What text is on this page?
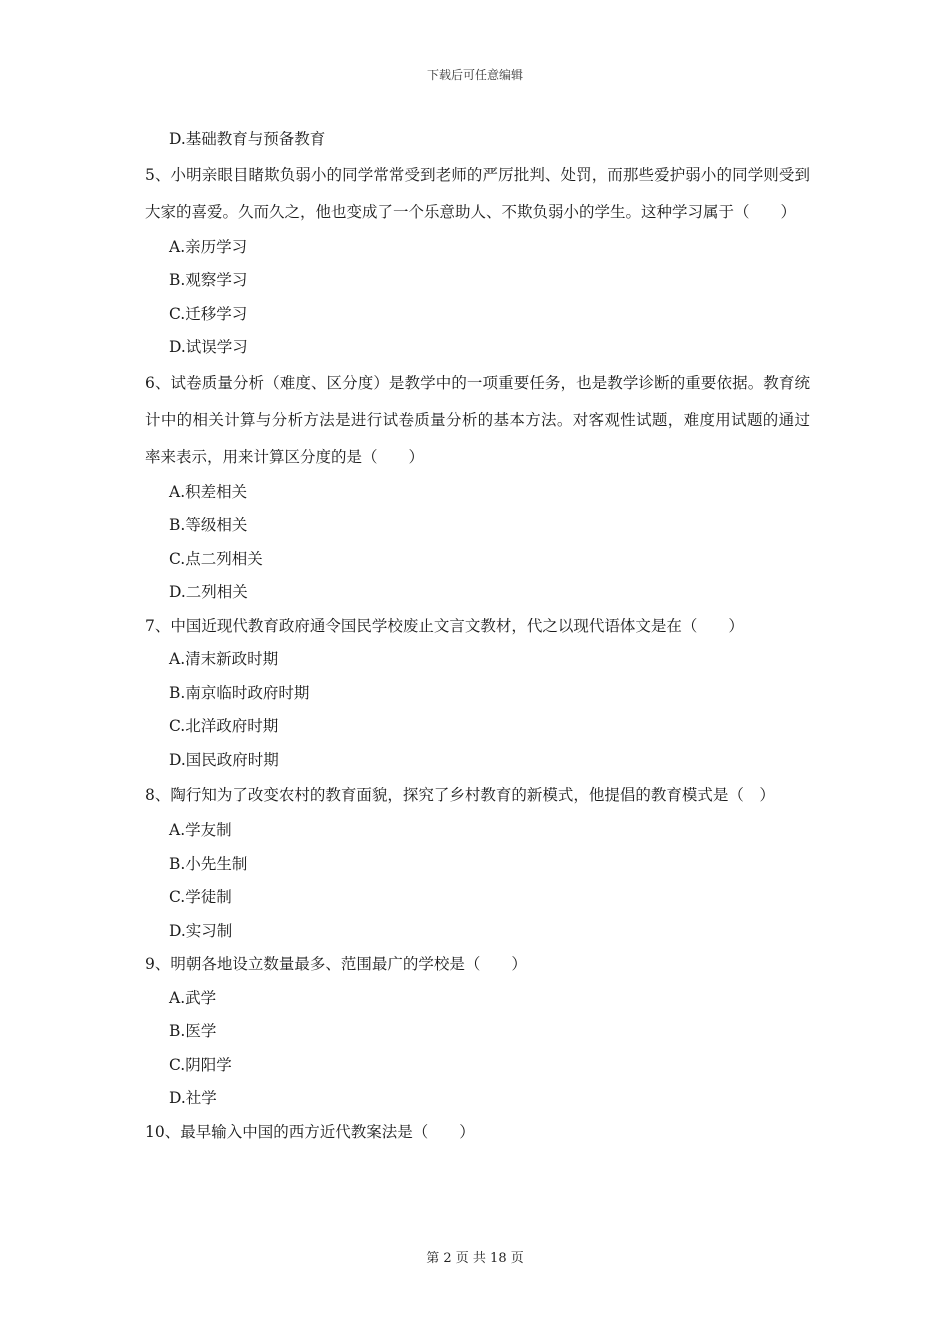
下载后可任意编辑
D.基础教育与预备教育
5、小明亲眼目睹欺负弱小的同学常常受到老师的严厉批判、处罚，而那些爱护弱小的同学则受到大家的喜爱。久而久之，他也变成了一个乐意助人、不欺负弱小的学生。这种学习属于（　　）
A.亲历学习
B.观察学习
C.迁移学习
D.试误学习
6、试卷质量分析（难度、区分度）是教学中的一项重要任务，也是教学诊断的重要依据。教育统计中的相关计算与分析方法是进行试卷质量分析的基本方法。对客观性试题，难度用试题的通过率来表示，用来计算区分度的是（　　）
A.积差相关
B.等级相关
C.点二列相关
D.二列相关
7、中国近现代教育政府通令国民学校废止文言文教材，代之以现代语体文是在（　　）
A.清末新政时期
B.南京临时政府时期
C.北洋政府时期
D.国民政府时期
8、陶行知为了改变农村的教育面貌，探究了乡村教育的新模式，他提倡的教育模式是（　）
A.学友制
B.小先生制
C.学徒制
D.实习制
9、明朝各地设立数量最多、范围最广的学校是（　　）
A.武学
B.医学
C.阴阳学
D.社学
10、最早输入中国的西方近代教案法是（　　）
第 2 页 共 18 页
